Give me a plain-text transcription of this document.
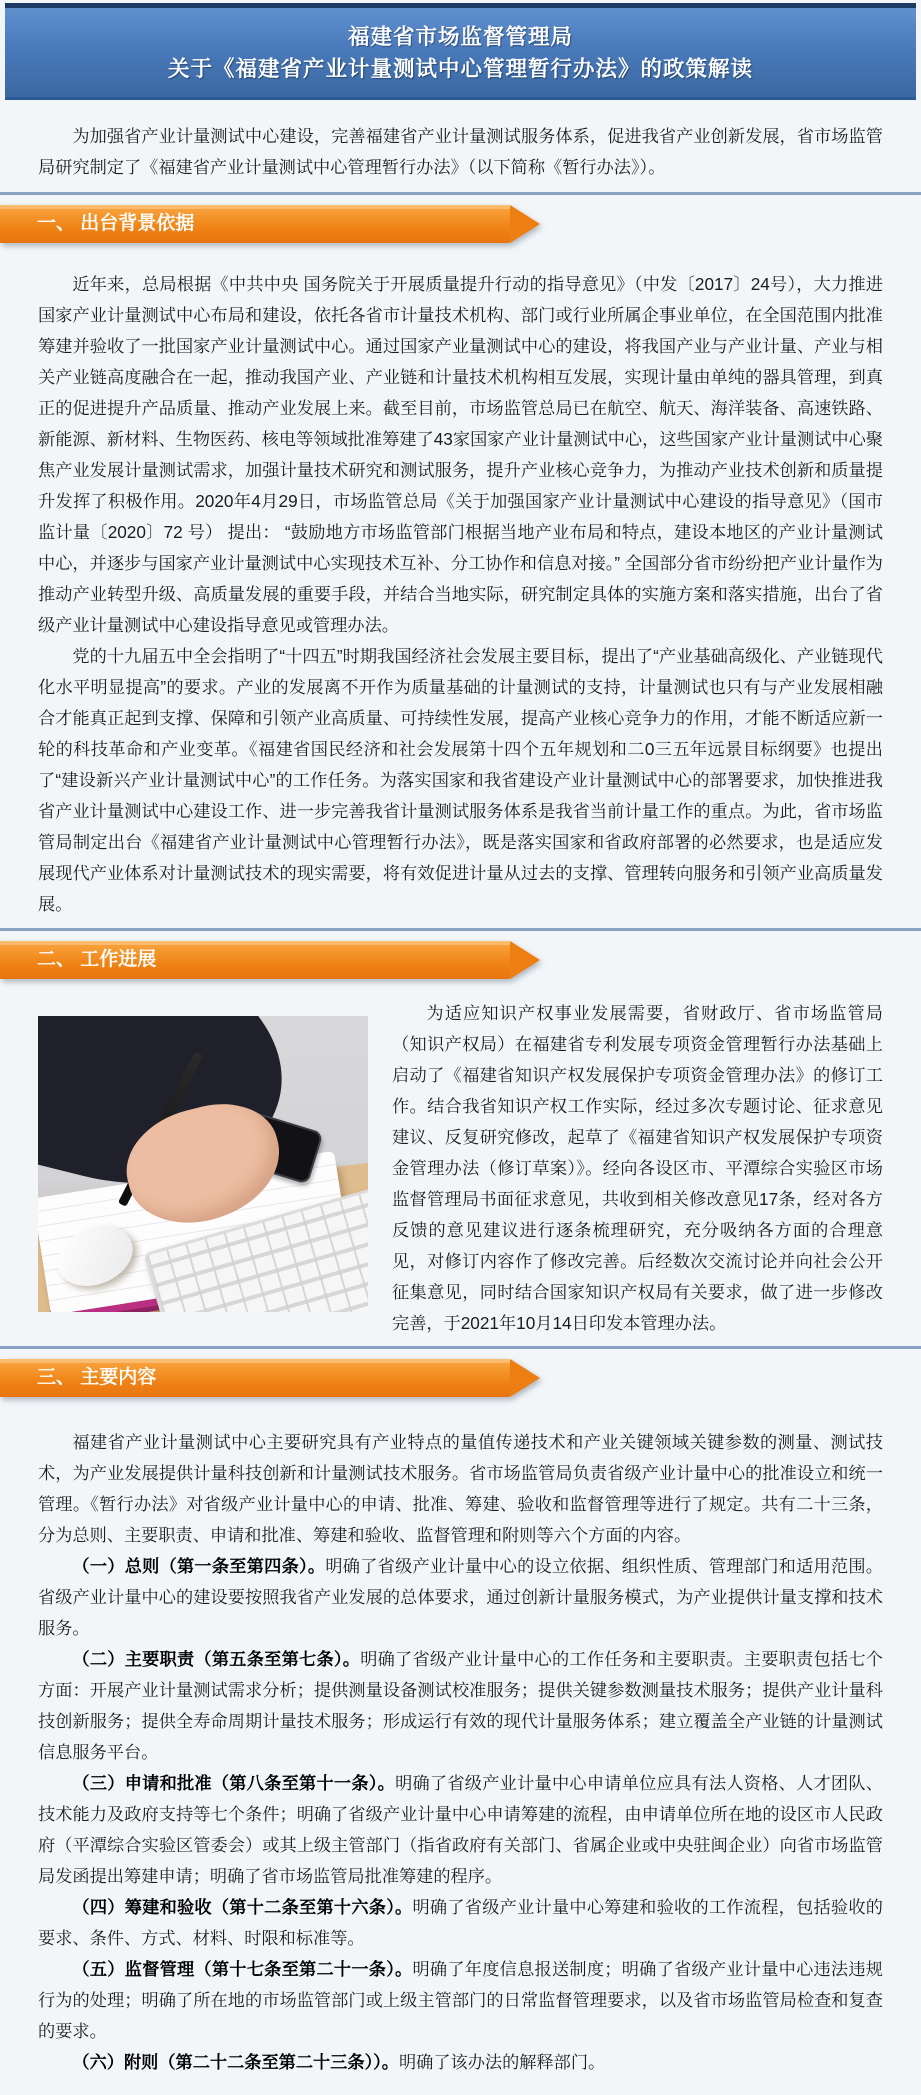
福建省市场监督管理局
关于《福建省产业计量测试中心管理暂行办法》的政策解读

为加强省产业计量测试中心建设，完善福建省产业计量测试服务体系，促进我省产业创新发展，省市场监管局研究制定了《福建省产业计量测试中心管理暂行办法》（以下简称《暂行办法》）。

一、 出台背景依据

近年来，总局根据《中共中央 国务院关于开展质量提升行动的指导意见》（中发〔2017〕24号），大力推进国家产业计量测试中心布局和建设，依托各省市计量技术机构、部门或行业所属企事业单位，在全国范围内批准筹建并验收了一批国家产业计量测试中心。通过国家产业量测试中心的建设，将我国产业与产业计量、产业与相关产业链高度融合在一起，推动我国产业、产业链和计量技术机构相互发展，实现计量由单纯的器具管理，到真正的促进提升产品质量、推动产业发展上来。截至目前，市场监管总局已在航空、航天、海洋装备、高速铁路、新能源、新材料、生物医药、核电等领域批准筹建了43家国家产业计量测试中心，这些国家产业计量测试中心聚焦产业发展计量测试需求，加强计量技术研究和测试服务，提升产业核心竞争力，为推动产业技术创新和质量提升发挥了积极作用。2020年4月29日，市场监管总局《关于加强国家产业计量测试中心建设的指导意见》（国市监计量〔2020〕72 号） 提出： “鼓励地方市场监管部门根据当地产业布局和特点，建设本地区的产业计量测试中心，并逐步与国家产业计量测试中心实现技术互补、分工协作和信息对接。” 全国部分省市纷纷把产业计量作为推动产业转型升级、高质量发展的重要手段，并结合当地实际，研究制定具体的实施方案和落实措施，出台了省级产业计量测试中心建设指导意见或管理办法。

党的十九届五中全会指明了“十四五”时期我国经济社会发展主要目标，提出了“产业基础高级化、产业链现代化水平明显提高”的要求。产业的发展离不开作为质量基础的计量测试的支持，计量测试也只有与产业发展相融合才能真正起到支撑、保障和引领产业高质量、可持续性发展，提高产业核心竞争力的作用，才能不断适应新一轮的科技革命和产业变革。《福建省国民经济和社会发展第十四个五年规划和二0三五年远景目标纲要》也提出了“建设新兴产业计量测试中心”的工作任务。为落实国家和我省建设产业计量测试中心的部署要求，加快推进我省产业计量测试中心建设工作、进一步完善我省计量测试服务体系是我省当前计量工作的重点。为此，省市场监管局制定出台《福建省产业计量测试中心管理暂行办法》，既是落实国家和省政府部署的必然要求，也是适应发展现代产业体系对计量测试技术的现实需要，将有效促进计量从过去的支撑、管理转向服务和引领产业高质量发展。

二、 工作进展

为适应知识产权事业发展需要，省财政厅、省市场监管局（知识产权局）在福建省专利发展专项资金管理暂行办法基础上启动了《福建省知识产权发展保护专项资金管理办法》的修订工作。结合我省知识产权工作实际，经过多次专题讨论、征求意见建议、反复研究修改，起草了《福建省知识产权发展保护专项资金管理办法（修订草案）》。经向各设区市、平潭综合实验区市场监督管理局书面征求意见，共收到相关修改意见17条，经对各方反馈的意见建议进行逐条梳理研究，充分吸纳各方面的合理意见，对修订内容作了修改完善。后经数次交流讨论并向社会公开征集意见，同时结合国家知识产权局有关要求，做了进一步修改完善，于2021年10月14日印发本管理办法。

三、 主要内容

福建省产业计量测试中心主要研究具有产业特点的量值传递技术和产业关键领域关键参数的测量、测试技术，为产业发展提供计量科技创新和计量测试技术服务。省市场监管局负责省级产业计量中心的批准设立和统一管理。《暂行办法》对省级产业计量中心的申请、批准、筹建、验收和监督管理等进行了规定。共有二十三条，分为总则、主要职责、申请和批准、筹建和验收、监督管理和附则等六个方面的内容。

（一）总则（第一条至第四条）。明确了省级产业计量中心的设立依据、组织性质、管理部门和适用范围。省级产业计量中心的建设要按照我省产业发展的总体要求，通过创新计量服务模式，为产业提供计量支撑和技术服务。

（二）主要职责（第五条至第七条）。明确了省级产业计量中心的工作任务和主要职责。主要职责包括七个方面：开展产业计量测试需求分析；提供测量设备测试校准服务；提供关键参数测量技术服务；提供产业计量科技创新服务；提供全寿命周期计量技术服务；形成运行有效的现代计量服务体系；建立覆盖全产业链的计量测试信息服务平台。

（三）申请和批准（第八条至第十一条）。明确了省级产业计量中心申请单位应具有法人资格、人才团队、技术能力及政府支持等七个条件；明确了省级产业计量中心申请筹建的流程，由申请单位所在地的设区市人民政府（平潭综合实验区管委会）或其上级主管部门（指省政府有关部门、省属企业或中央驻闽企业）向省市场监管局发函提出筹建申请；明确了省市场监管局批准筹建的程序。

（四）筹建和验收（第十二条至第十六条）。明确了省级产业计量中心筹建和验收的工作流程，包括验收的要求、条件、方式、材料、时限和标准等。

（五）监督管理（第十七条至第二十一条）。明确了年度信息报送制度；明确了省级产业计量中心违法违规行为的处理；明确了所在地的市场监管部门或上级主管部门的日常监督管理要求，以及省市场监管局检查和复查的要求。

（六）附则（第二十二条至第二十三条））。明确了该办法的解释部门。
